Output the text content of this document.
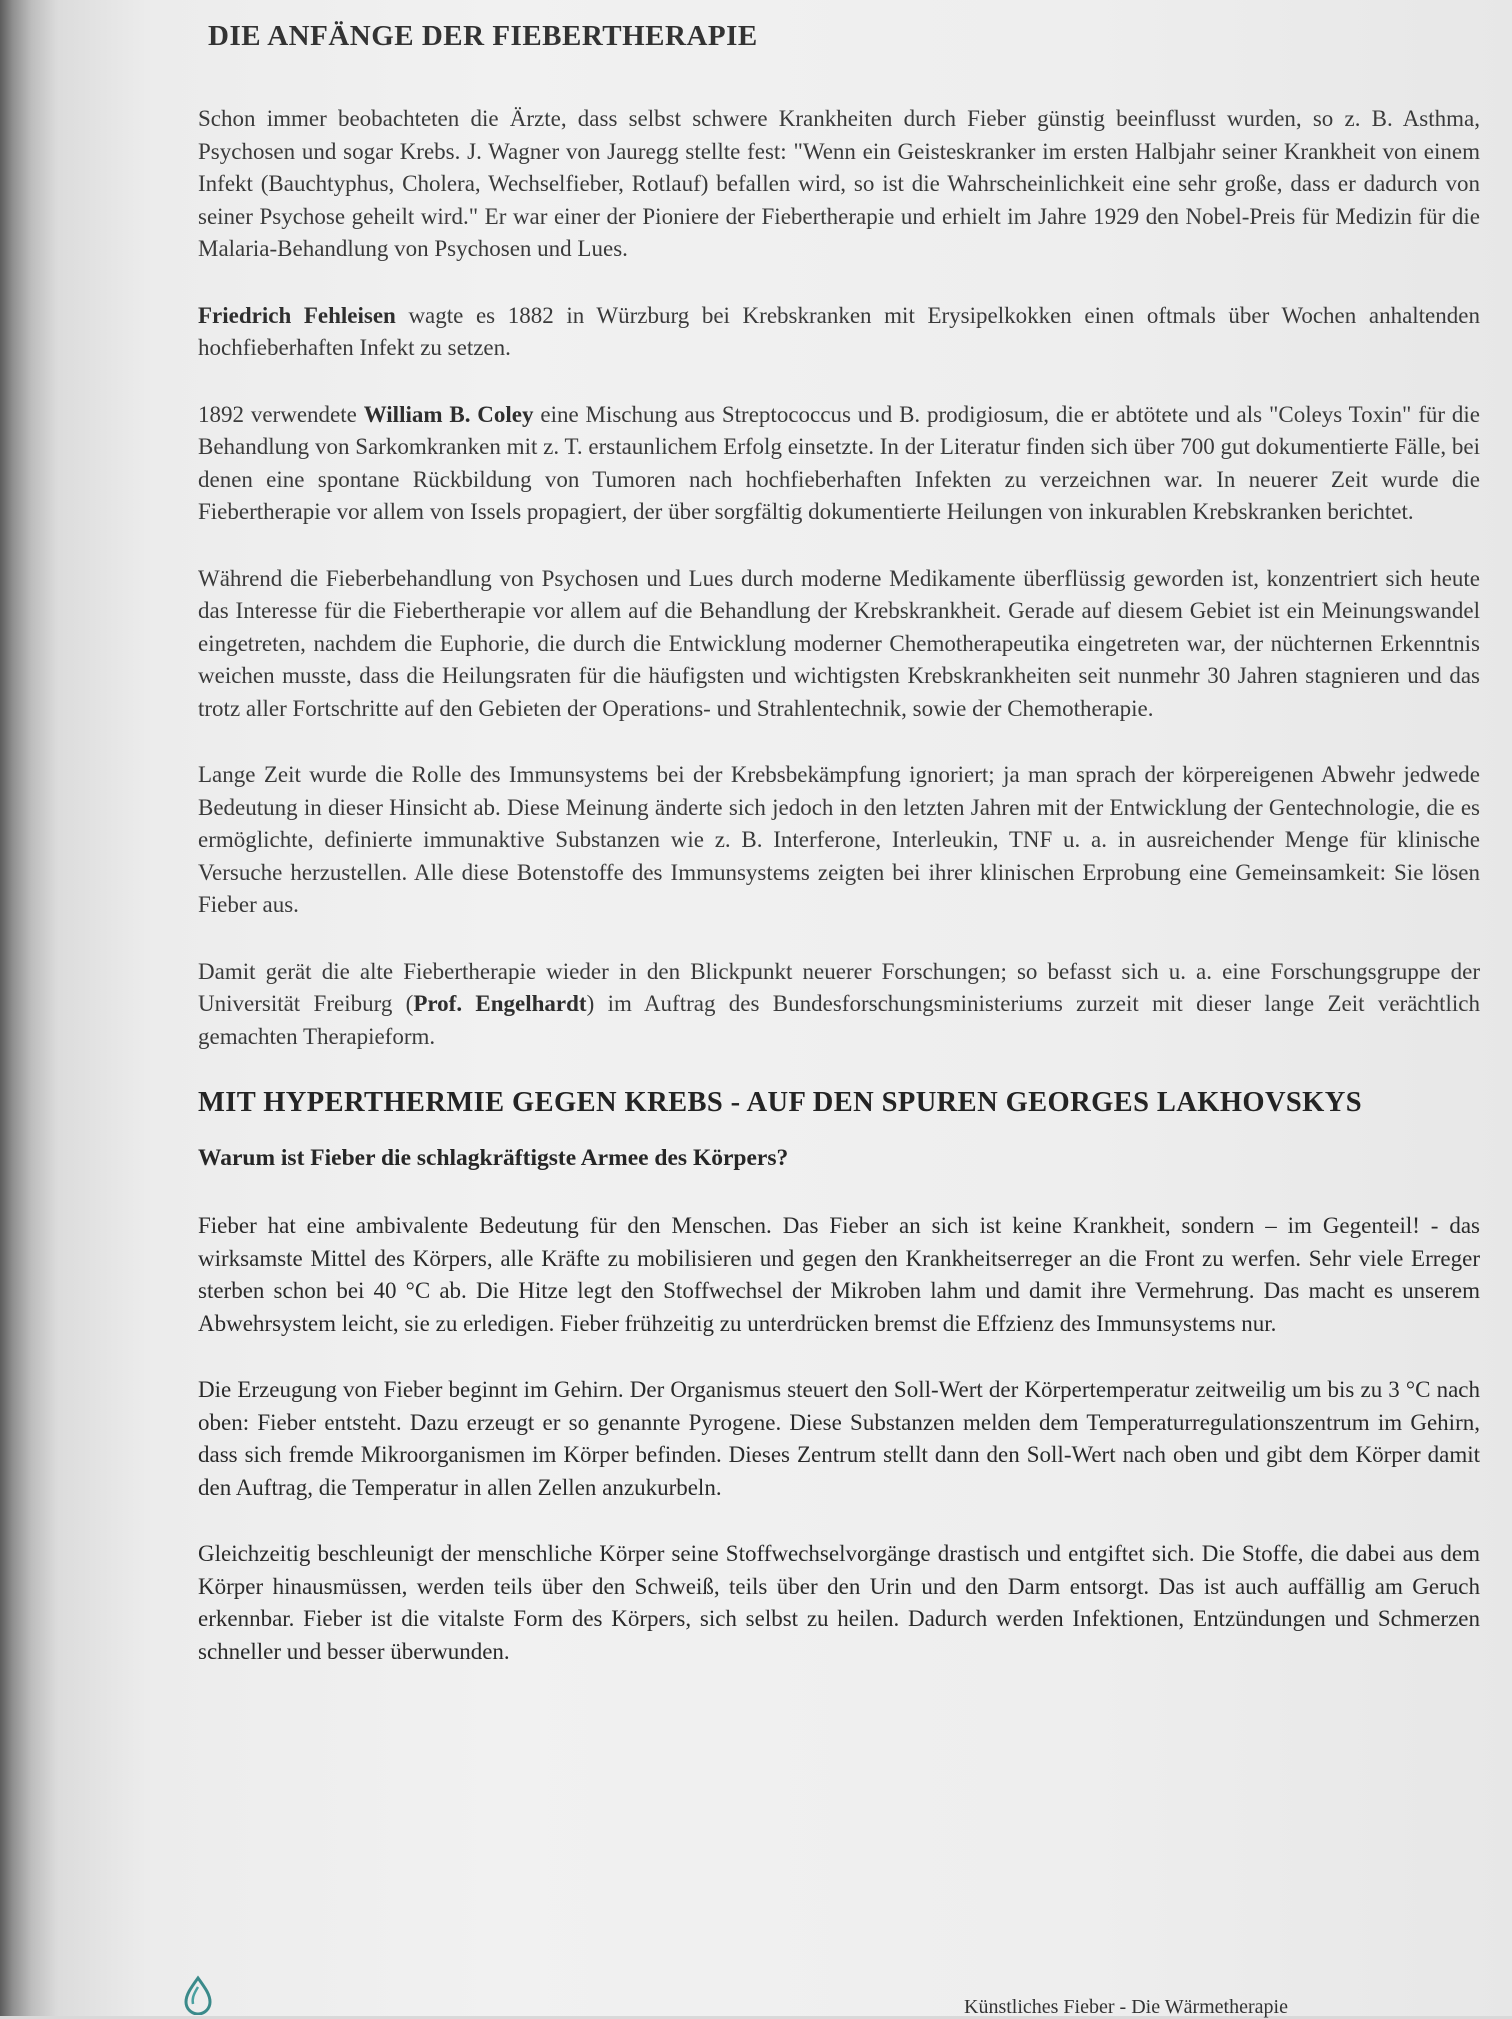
DIE ANFÄNGE DER FIEBERTHERAPIE

Schon immer beobachteten die Ärzte, dass selbst schwere Krankheiten durch Fieber günstig beeinflusst wurden, so z. B. Asthma, Psychosen und sogar Krebs. J. Wagner von Jauregg stellte fest: "Wenn ein Geisteskranker im ersten Halbjahr seiner Krankheit von einem Infekt (Bauchtyphus, Cholera, Wechselfieber, Rotlauf) befallen wird, so ist die Wahrscheinlichkeit eine sehr große, dass er dadurch von seiner Psychose geheilt wird." Er war einer der Pioniere der Fiebertherapie und erhielt im Jahre 1929 den Nobel-Preis für Medizin für die Malaria-Behandlung von Psychosen und Lues.

Friedrich Fehleisen wagte es 1882 in Würzburg bei Krebskranken mit Erysipelkokken einen oftmals über Wochen anhaltenden hochfieberhaften Infekt zu setzen.

1892 verwendete William B. Coley eine Mischung aus Streptococcus und B. prodigiosum, die er abtötete und als "Coleys Toxin" für die Behandlung von Sarkomkranken mit z. T. erstaunlichem Erfolg einsetzte. In der Literatur finden sich über 700 gut dokumentierte Fälle, bei denen eine spontane Rückbildung von Tumoren nach hochfieberhaften Infekten zu verzeichnen war. In neuerer Zeit wurde die Fiebertherapie vor allem von Issels propagiert, der über sorgfältig dokumentierte Heilungen von inkurablen Krebskranken berichtet.

Während die Fieberbehandlung von Psychosen und Lues durch moderne Medikamente überflüssig geworden ist, konzentriert sich heute das Interesse für die Fiebertherapie vor allem auf die Behandlung der Krebskrankheit. Gerade auf diesem Gebiet ist ein Meinungswandel eingetreten, nachdem die Euphorie, die durch die Entwicklung moderner Chemotherapeutika eingetreten war, der nüchternen Erkenntnis weichen musste, dass die Heilungsraten für die häufigsten und wichtigsten Krebskrankheiten seit nunmehr 30 Jahren stagnieren und das trotz aller Fortschritte auf den Gebieten der Operations- und Strahlentechnik, sowie der Chemotherapie.

Lange Zeit wurde die Rolle des Immunsystems bei der Krebsbekämpfung ignoriert; ja man sprach der körpereigenen Abwehr jedwede Bedeutung in dieser Hinsicht ab. Diese Meinung änderte sich jedoch in den letzten Jahren mit der Entwicklung der Gentechnologie, die es ermöglichte, definierte immunaktive Substanzen wie z. B. Interferone, Interleukin, TNF u. a. in ausreichender Menge für klinische Versuche herzustellen. Alle diese Botenstoffe des Immunsystems zeigten bei ihrer klinischen Erprobung eine Gemeinsamkeit: Sie lösen Fieber aus.

Damit gerät die alte Fiebertherapie wieder in den Blickpunkt neuerer Forschungen; so befasst sich u. a. eine Forschungsgruppe der Universität Freiburg (Prof. Engelhardt) im Auftrag des Bundesforschungsministeriums zurzeit mit dieser lange Zeit verächtlich gemachten Therapieform.

MIT HYPERTHERMIE GEGEN KREBS - AUF DEN SPUREN GEORGES LAKHOVSKYS
Warum ist Fieber die schlagkräftigste Armee des Körpers?

Fieber hat eine ambivalente Bedeutung für den Menschen. Das Fieber an sich ist keine Krankheit, sondern – im Gegenteil! - das wirksamste Mittel des Körpers, alle Kräfte zu mobilisieren und gegen den Krankheitserreger an die Front zu werfen. Sehr viele Erreger sterben schon bei 40 °C ab. Die Hitze legt den Stoffwechsel der Mikroben lahm und damit ihre Vermehrung. Das macht es unserem Abwehrsystem leicht, sie zu erledigen. Fieber frühzeitig zu unterdrücken bremst die Effzienz des Immunsystems nur.

Die Erzeugung von Fieber beginnt im Gehirn. Der Organismus steuert den Soll-Wert der Körpertemperatur zeitweilig um bis zu 3 °C nach oben: Fieber entsteht. Dazu erzeugt er so genannte Pyrogene. Diese Substanzen melden dem Temperaturregulationszentrum im Gehirn, dass sich fremde Mikroorganismen im Körper befinden. Dieses Zentrum stellt dann den Soll-Wert nach oben und gibt dem Körper damit den Auftrag, die Temperatur in allen Zellen anzukurbeln.

Gleichzeitig beschleunigt der menschliche Körper seine Stoffwechselvorgänge drastisch und entgiftet sich. Die Stoffe, die dabei aus dem Körper hinausmüssen, werden teils über den Schweiß, teils über den Urin und den Darm entsorgt. Das ist auch auffällig am Geruch erkennbar. Fieber ist die vitalste Form des Körpers, sich selbst zu heilen. Dadurch werden Infektionen, Entzündungen und Schmerzen schneller und besser überwunden.

Künstliches Fieber - Die Wärmetherapie
